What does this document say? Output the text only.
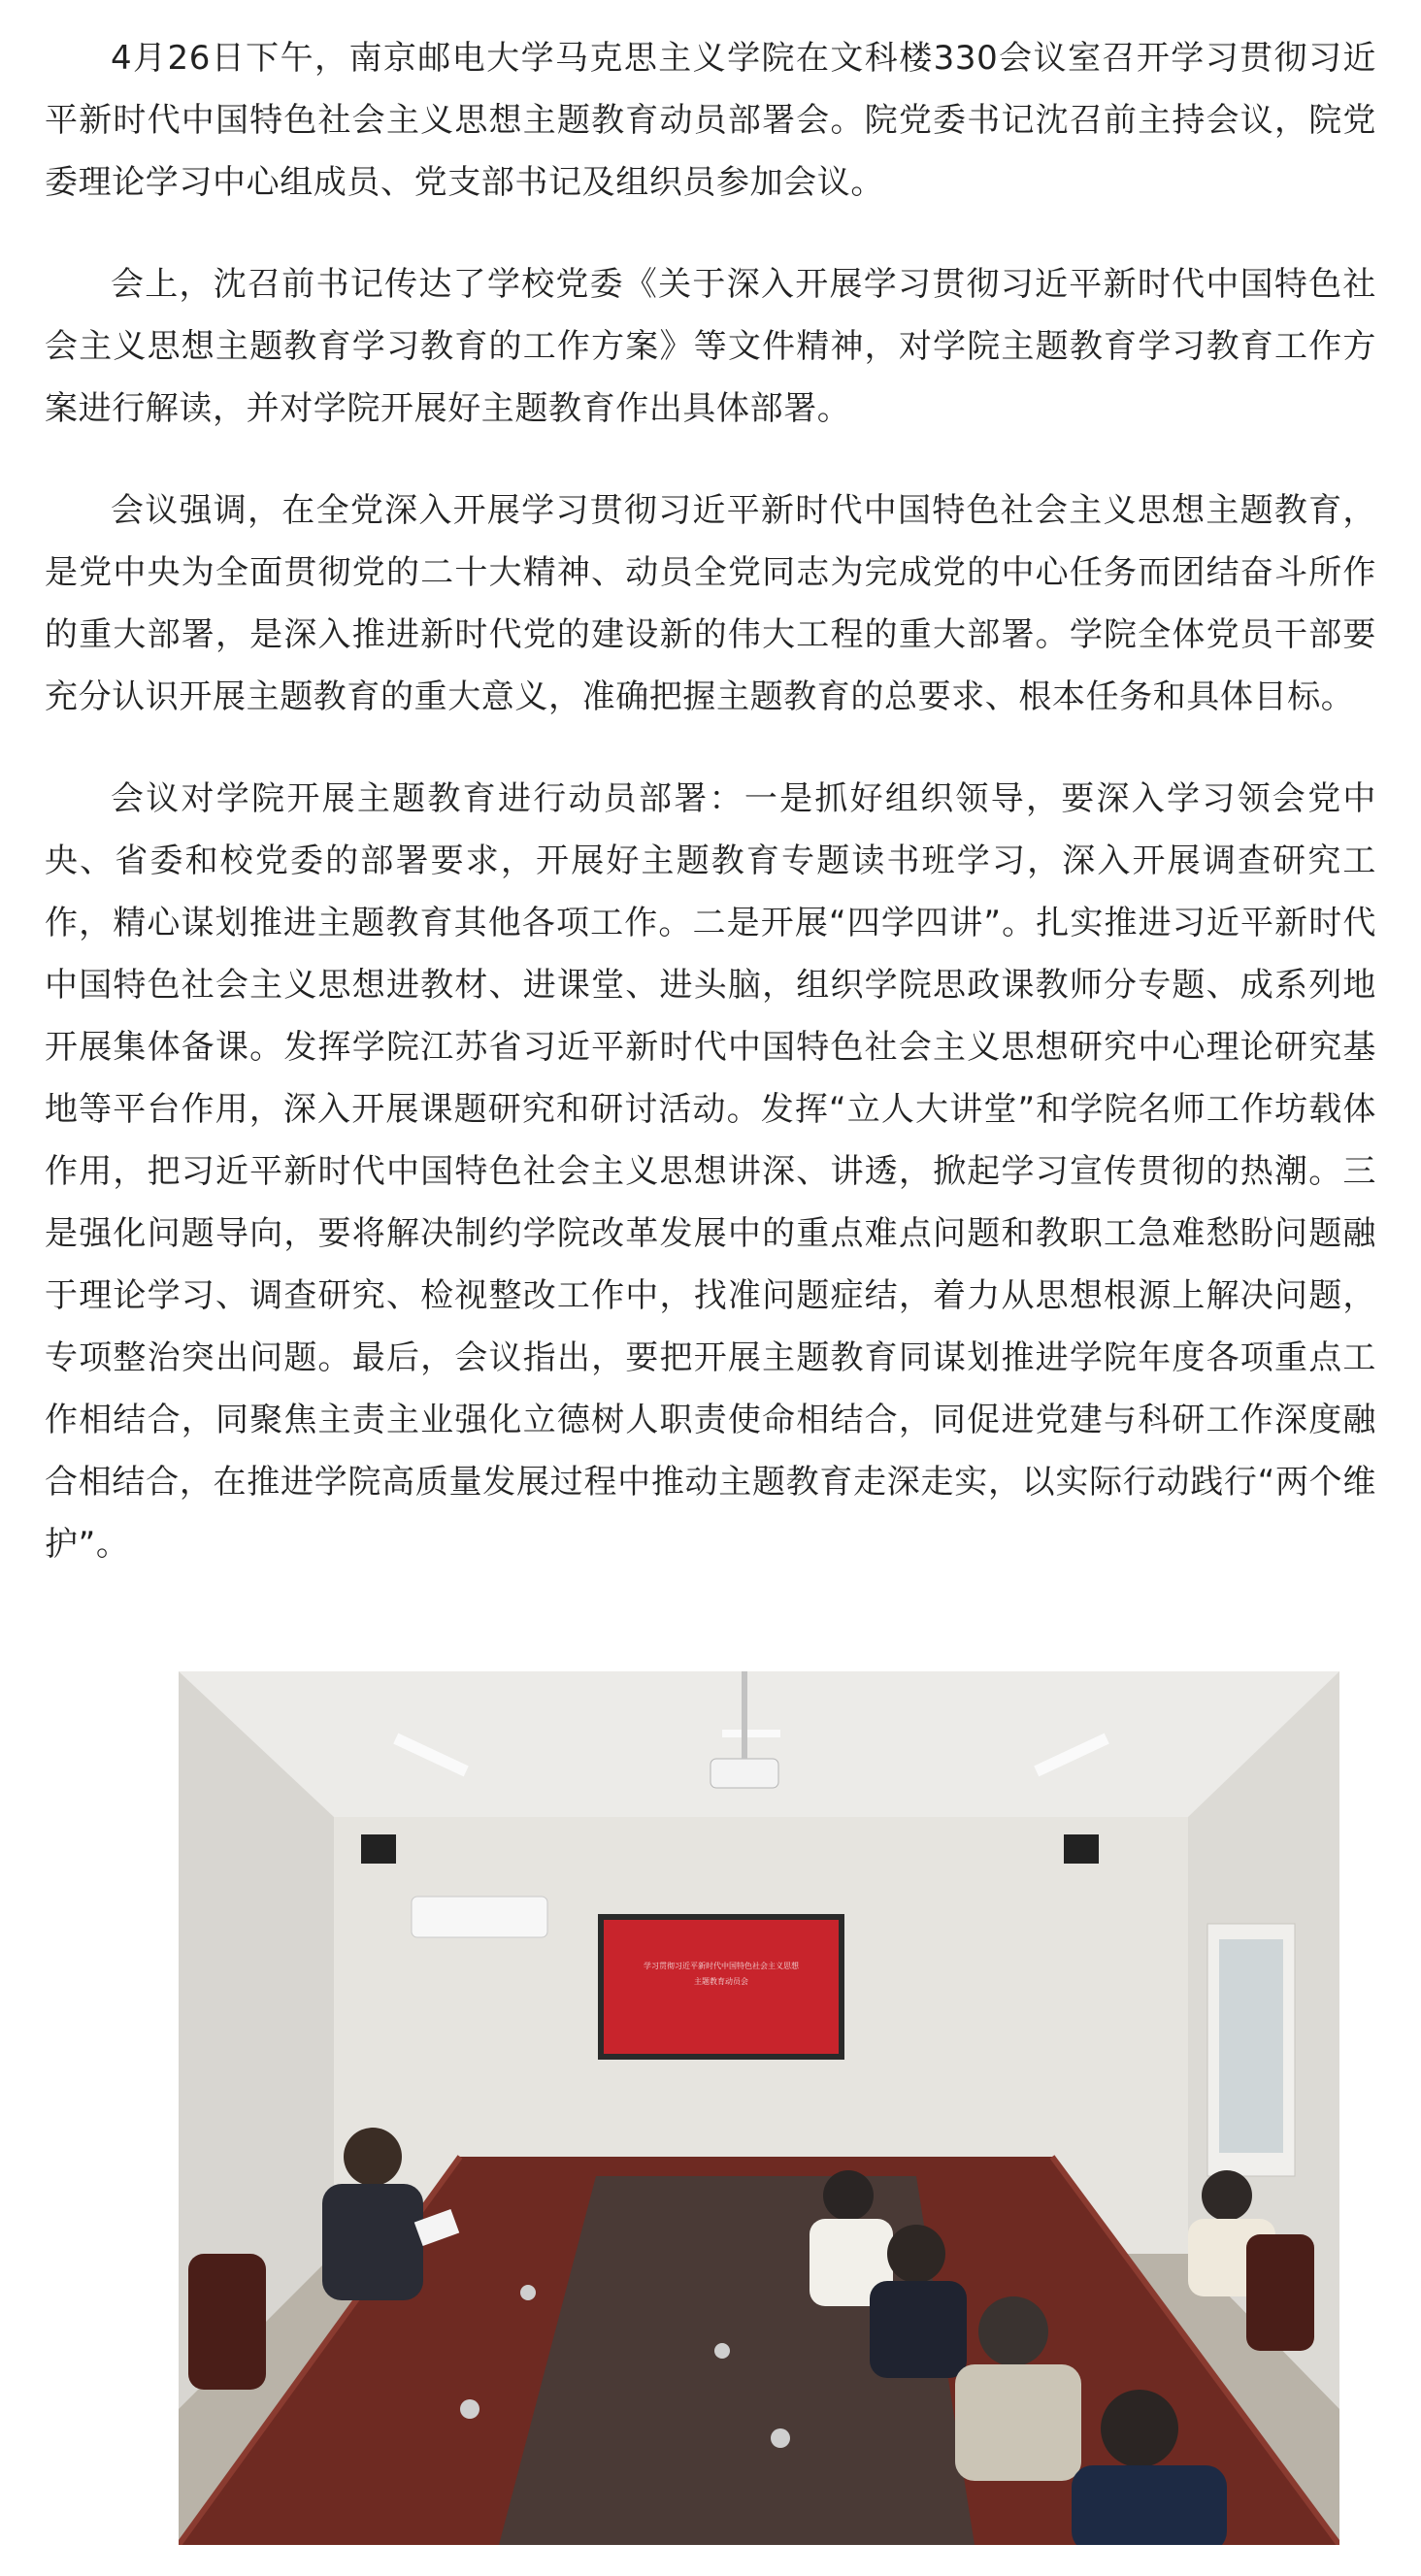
4月26日下午，南京邮电大学马克思主义学院在文科楼330会议室召开学习贯彻习近平新时代中国特色社会主义思想主题教育动员部署会。院党委书记沈召前主持会议，院党委理论学习中心组成员、党支部书记及组织员参加会议。

会上，沈召前书记传达了学校党委《关于深入开展学习贯彻习近平新时代中国特色社会主义思想主题教育学习教育的工作方案》等文件精神，对学院主题教育学习教育工作方案进行解读，并对学院开展好主题教育作出具体部署。

会议强调，在全党深入开展学习贯彻习近平新时代中国特色社会主义思想主题教育，是党中央为全面贯彻党的二十大精神、动员全党同志为完成党的中心任务而团结奋斗所作的重大部署，是深入推进新时代党的建设新的伟大工程的重大部署。学院全体党员干部要充分认识开展主题教育的重大意义，准确把握主题教育的总要求、根本任务和具体目标。

会议对学院开展主题教育进行动员部署：一是抓好组织领导，要深入学习领会党中央、省委和校党委的部署要求，开展好主题教育专题读书班学习，深入开展调查研究工作，精心谋划推进主题教育其他各项工作。二是开展“四学四讲”。扎实推进习近平新时代中国特色社会主义思想进教材、进课堂、进头脑，组织学院思政课教师分专题、成系列地开展集体备课。发挥学院江苏省习近平新时代中国特色社会主义思想研究中心理论研究基地等平台作用，深入开展课题研究和研讨活动。发挥“立人大讲堂”和学院名师工作坊载体作用，把习近平新时代中国特色社会主义思想讲深、讲透，掀起学习宣传贯彻的热潮。三是强化问题导向，要将解决制约学院改革发展中的重点难点问题和教职工急难愁盼问题融于理论学习、调查研究、检视整改工作中，找准问题症结，着力从思想根源上解决问题，专项整治突出问题。最后，会议指出，要把开展主题教育同谋划推进学院年度各项重点工作相结合，同聚焦主责主业强化立德树人职责使命相结合，同促进党建与科研工作深度融合相结合，在推进学院高质量发展过程中推动主题教育走深走实，以实际行动践行“两个维护”。

学习贯彻习近平新时代中国特色社会主义思想
主题教育动员会
